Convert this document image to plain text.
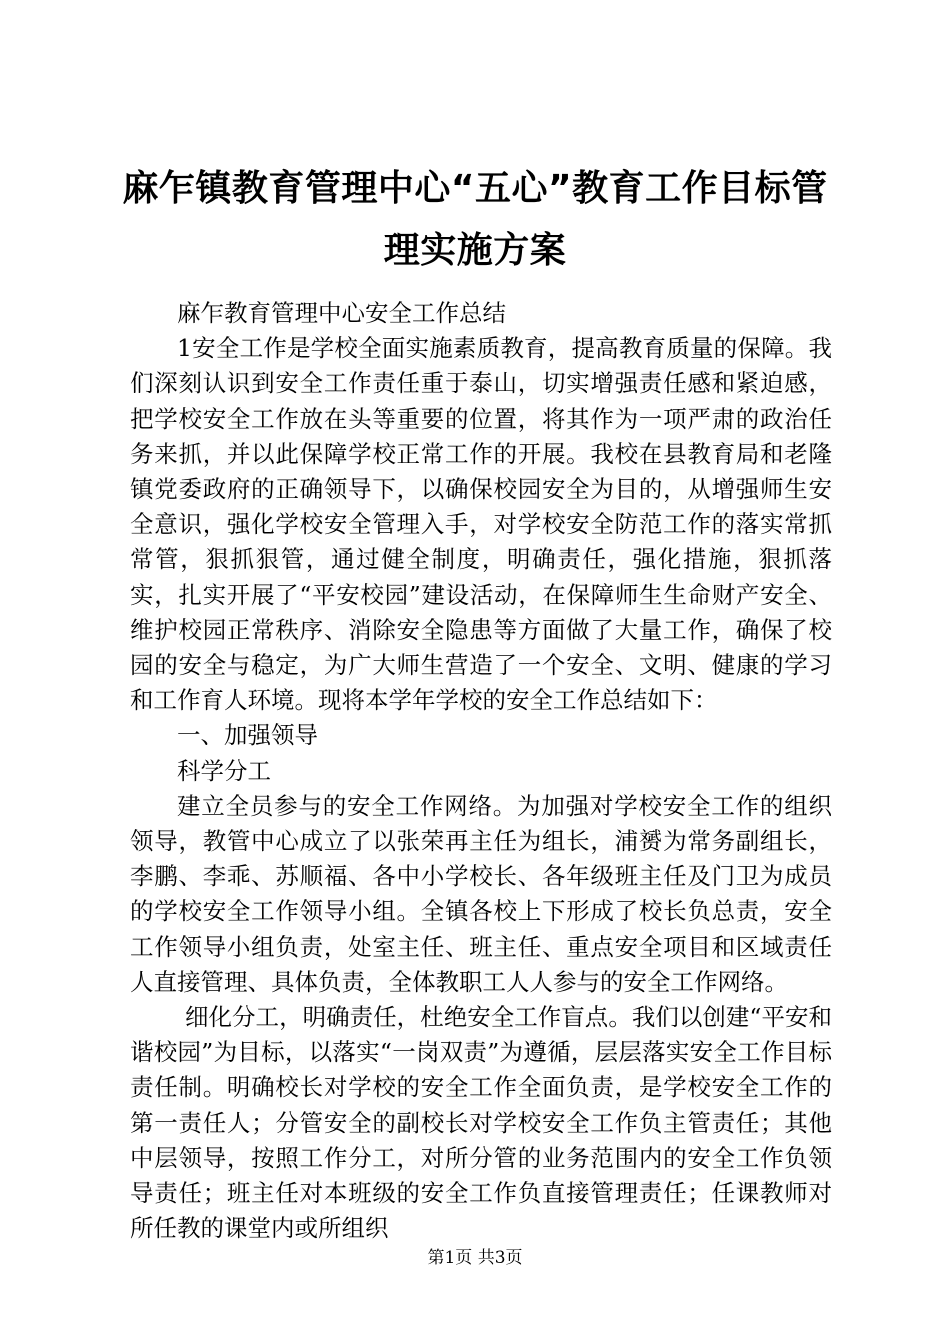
麻乍镇教育管理中心“五心”教育工作目标管
理实施方案

麻乍教育管理中心安全工作总结

1安全工作是学校全面实施素质教育，提高教育质量的保障。我们深刻认识到安全工作责任重于泰山，切实增强责任感和紧迫感，把学校安全工作放在头等重要的位置，将其作为一项严肃的政治任务来抓，并以此保障学校正常工作的开展。我校在县教育局和老隆镇党委政府的正确领导下，以确保校园安全为目的，从增强师生安全意识，强化学校安全管理入手，对学校安全防范工作的落实常抓常管，狠抓狠管，通过健全制度，明确责任，强化措施，狠抓落实，扎实开展了“平安校园”建设活动，在保障师生生命财产安全、维护校园正常秩序、消除安全隐患等方面做了大量工作，确保了校园的安全与稳定，为广大师生营造了一个安全、文明、健康的学习和工作育人环境。现将本学年学校的安全工作总结如下：

一、加强领导

科学分工

建立全员参与的安全工作网络。为加强对学校安全工作的组织领导，教管中心成立了以张荣再主任为组长，浦赟为常务副组长，李鹏、李乖、苏顺福、各中小学校长、各年级班主任及门卫为成员的学校安全工作领导小组。全镇各校上下形成了校长负总责，安全工作领导小组负责，处室主任、班主任、重点安全项目和区域责任人直接管理、具体负责，全体教职工人人参与的安全工作网络。

细化分工，明确责任，杜绝安全工作盲点。我们以创建“平安和谐校园”为目标，以落实“一岗双责”为遵循，层层落实安全工作目标责任制。明确校长对学校的安全工作全面负责，是学校安全工作的第一责任人；分管安全的副校长对学校安全工作负主管责任；其他中层领导，按照工作分工，对所分管的业务范围内的安全工作负领导责任；班主任对本班级的安全工作负直接管理责任；任课教师对所任教的课堂内或所组织

第1页 共3页
